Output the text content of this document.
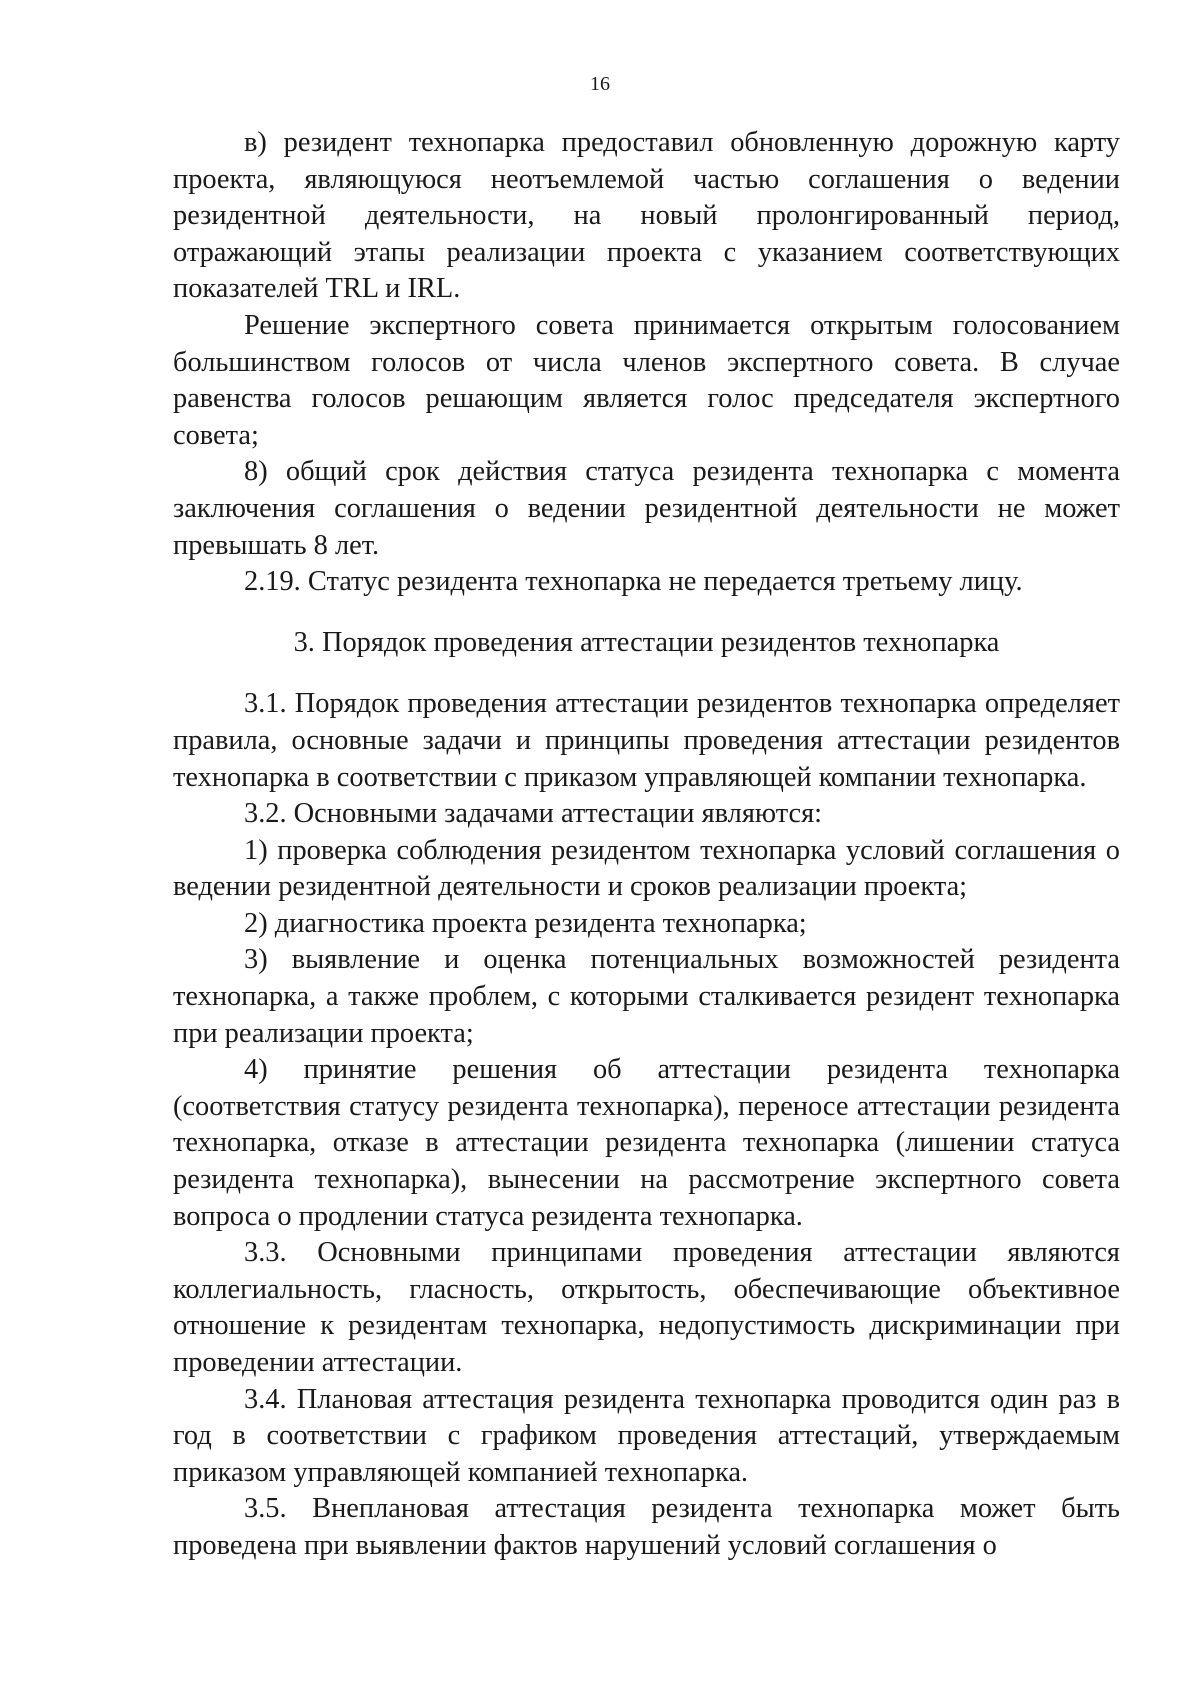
16

в) резидент технопарка предоставил обновленную дорожную карту проекта, являющуюся неотъемлемой частью соглашения о ведении резидентной деятельности, на новый пролонгированный период, отражающий этапы реализации проекта с указанием соответствующих показателей TRL и IRL.

Решение экспертного совета принимается открытым голосованием большинством голосов от числа членов экспертного совета. В случае равенства голосов решающим является голос председателя экспертного совета;

8) общий срок действия статуса резидента технопарка с момента заключения соглашения о ведении резидентной деятельности не может превышать 8 лет.

2.19. Статус резидента технопарка не передается третьему лицу.

3. Порядок проведения аттестации резидентов технопарка

3.1. Порядок проведения аттестации резидентов технопарка определяет правила, основные задачи и принципы проведения аттестации резидентов технопарка в соответствии с приказом управляющей компании технопарка.

3.2. Основными задачами аттестации являются:

1) проверка соблюдения резидентом технопарка условий соглашения о ведении резидентной деятельности и сроков реализации проекта;

2) диагностика проекта резидента технопарка;

3) выявление и оценка потенциальных возможностей резидента технопарка, а также проблем, с которыми сталкивается резидент технопарка при реализации проекта;

4) принятие решения об аттестации резидента технопарка (соответствия статусу резидента технопарка), переносе аттестации резидента технопарка, отказе в аттестации резидента технопарка (лишении статуса резидента технопарка), вынесении на рассмотрение экспертного совета вопроса о продлении статуса резидента технопарка.

3.3. Основными принципами проведения аттестации являются коллегиальность, гласность, открытость, обеспечивающие объективное отношение к резидентам технопарка, недопустимость дискриминации при проведении аттестации.

3.4. Плановая аттестация резидента технопарка проводится один раз в год в соответствии с графиком проведения аттестаций, утверждаемым приказом управляющей компанией технопарка.

3.5. Внеплановая аттестация резидента технопарка может быть проведена при выявлении фактов нарушений условий соглашения о
